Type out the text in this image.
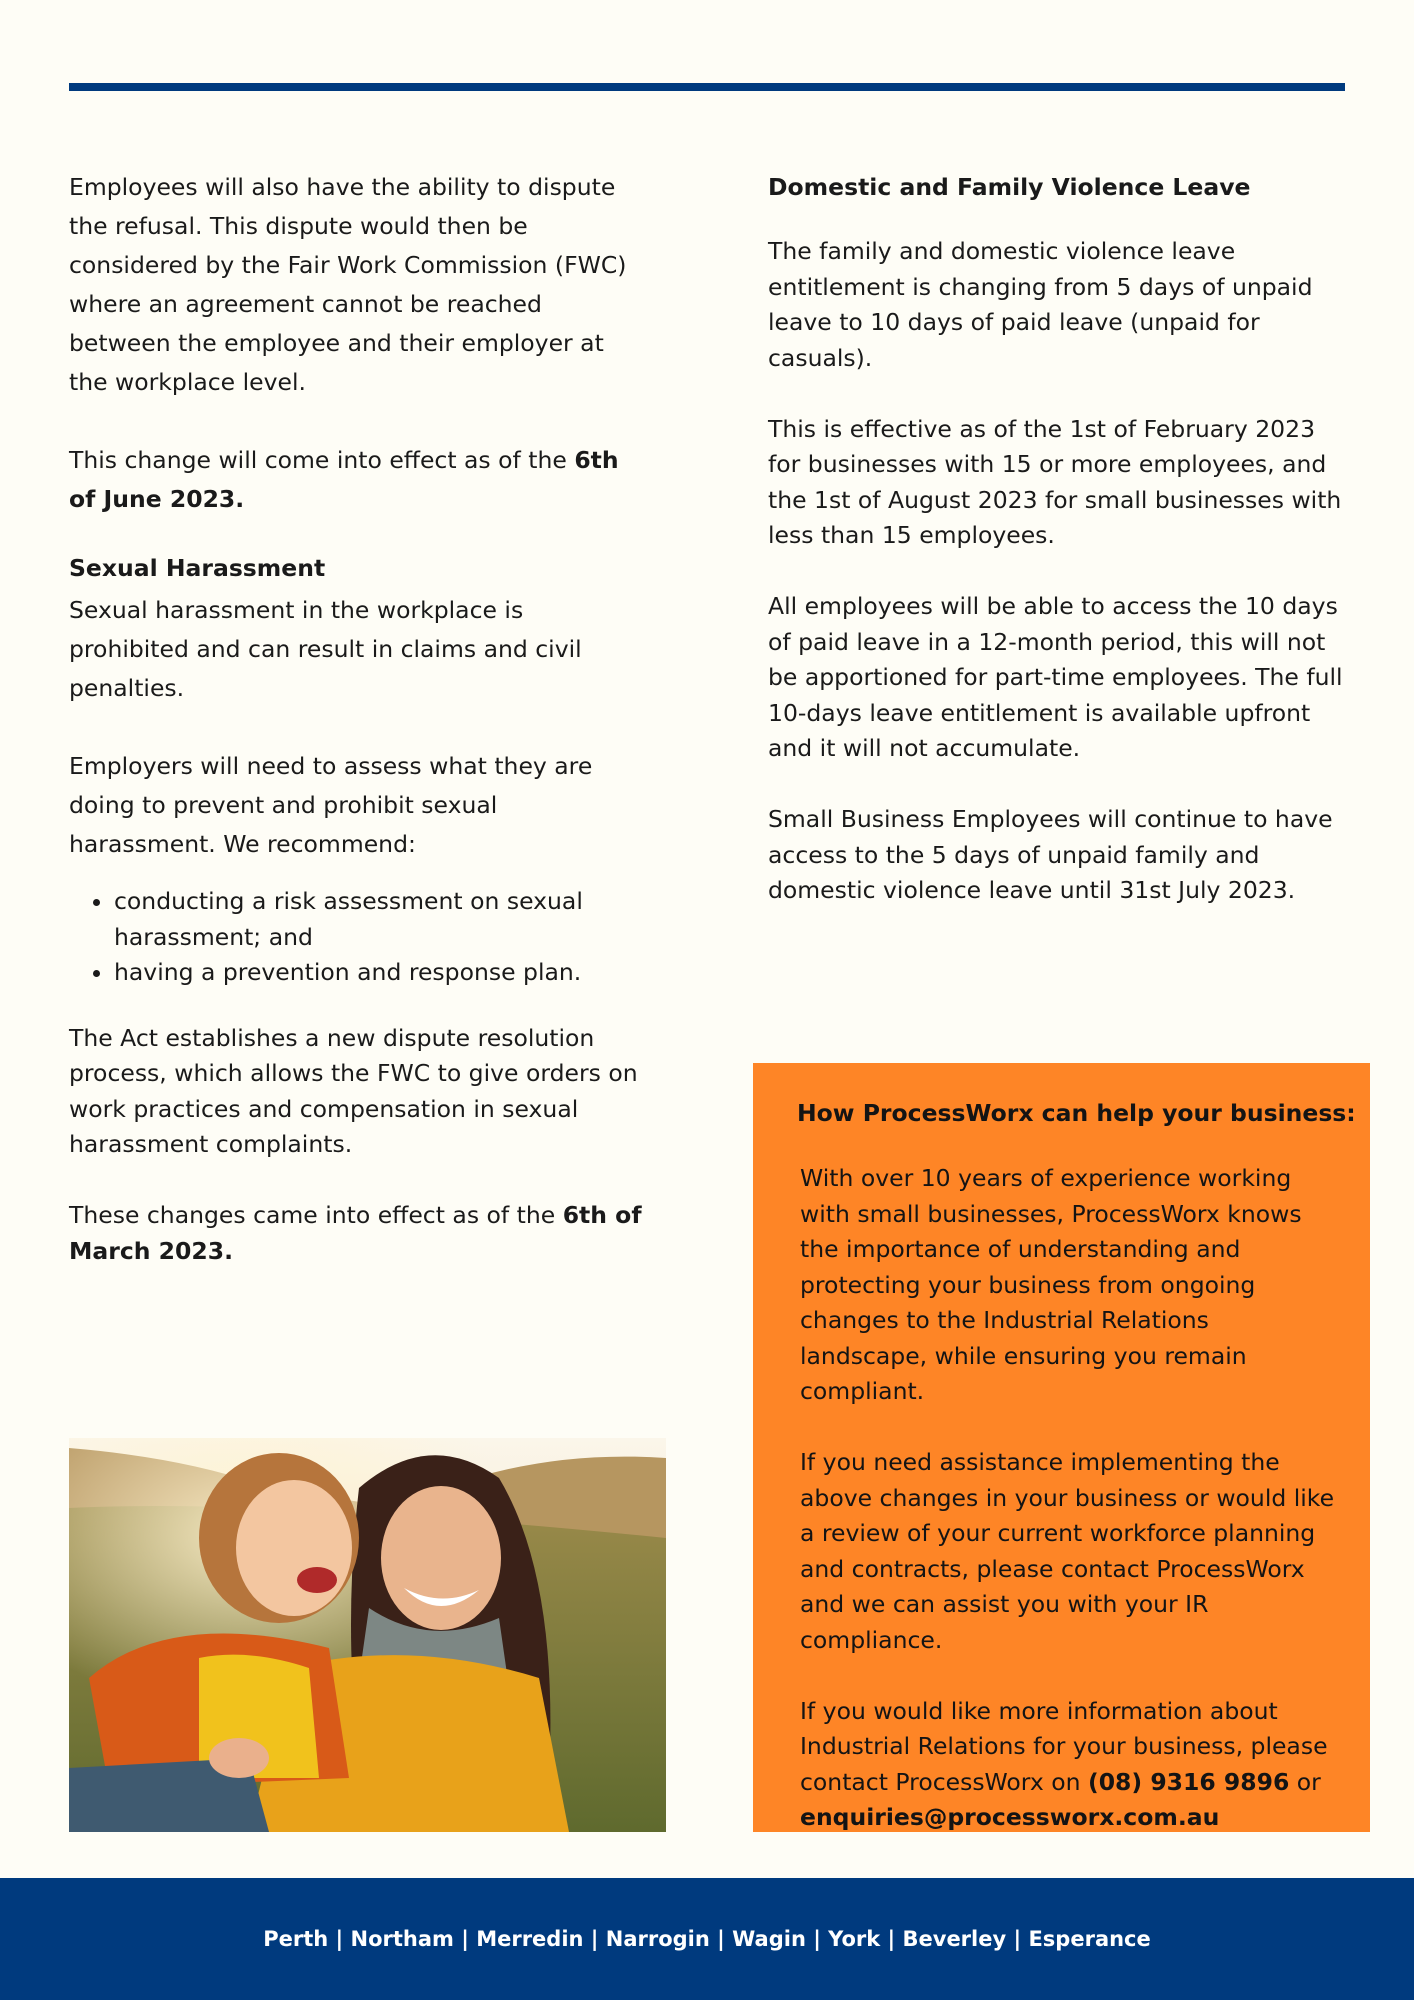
Employees will also have the ability to dispute the refusal. This dispute would then be considered by the Fair Work Commission (FWC) where an agreement cannot be reached between the employee and their employer at the workplace level.

This change will come into effect as of the 6th of June 2023.

Sexual Harassment

Sexual harassment in the workplace is prohibited and can result in claims and civil penalties.

Employers will need to assess what they are doing to prevent and prohibit sexual harassment. We recommend:

• conducting a risk assessment on sexual harassment; and
• having a prevention and response plan.

The Act establishes a new dispute resolution process, which allows the FWC to give orders on work practices and compensation in sexual harassment complaints.

These changes came into effect as of the 6th of March 2023.

Domestic and Family Violence Leave

The family and domestic violence leave entitlement is changing from 5 days of unpaid leave to 10 days of paid leave (unpaid for casuals).

This is effective as of the 1st of February 2023 for businesses with 15 or more employees, and the 1st of August 2023 for small businesses with less than 15 employees.

All employees will be able to access the 10 days of paid leave in a 12-month period, this will not be apportioned for part-time employees. The full 10-days leave entitlement is available upfront and it will not accumulate.

Small Business Employees will continue to have access to the 5 days of unpaid family and domestic violence leave until 31st July 2023.

How ProcessWorx can help your business:

With over 10 years of experience working with small businesses, ProcessWorx knows the importance of understanding and protecting your business from ongoing changes to the Industrial Relations landscape, while ensuring you remain compliant.

If you need assistance implementing the above changes in your business or would like a review of your current workforce planning and contracts, please contact ProcessWorx and we can assist you with your IR compliance.

If you would like more information about Industrial Relations for your business, please contact ProcessWorx on (08) 9316 9896 or
enquiries@processworx.com.au

Perth | Northam | Merredin | Narrogin | Wagin | York | Beverley | Esperance
